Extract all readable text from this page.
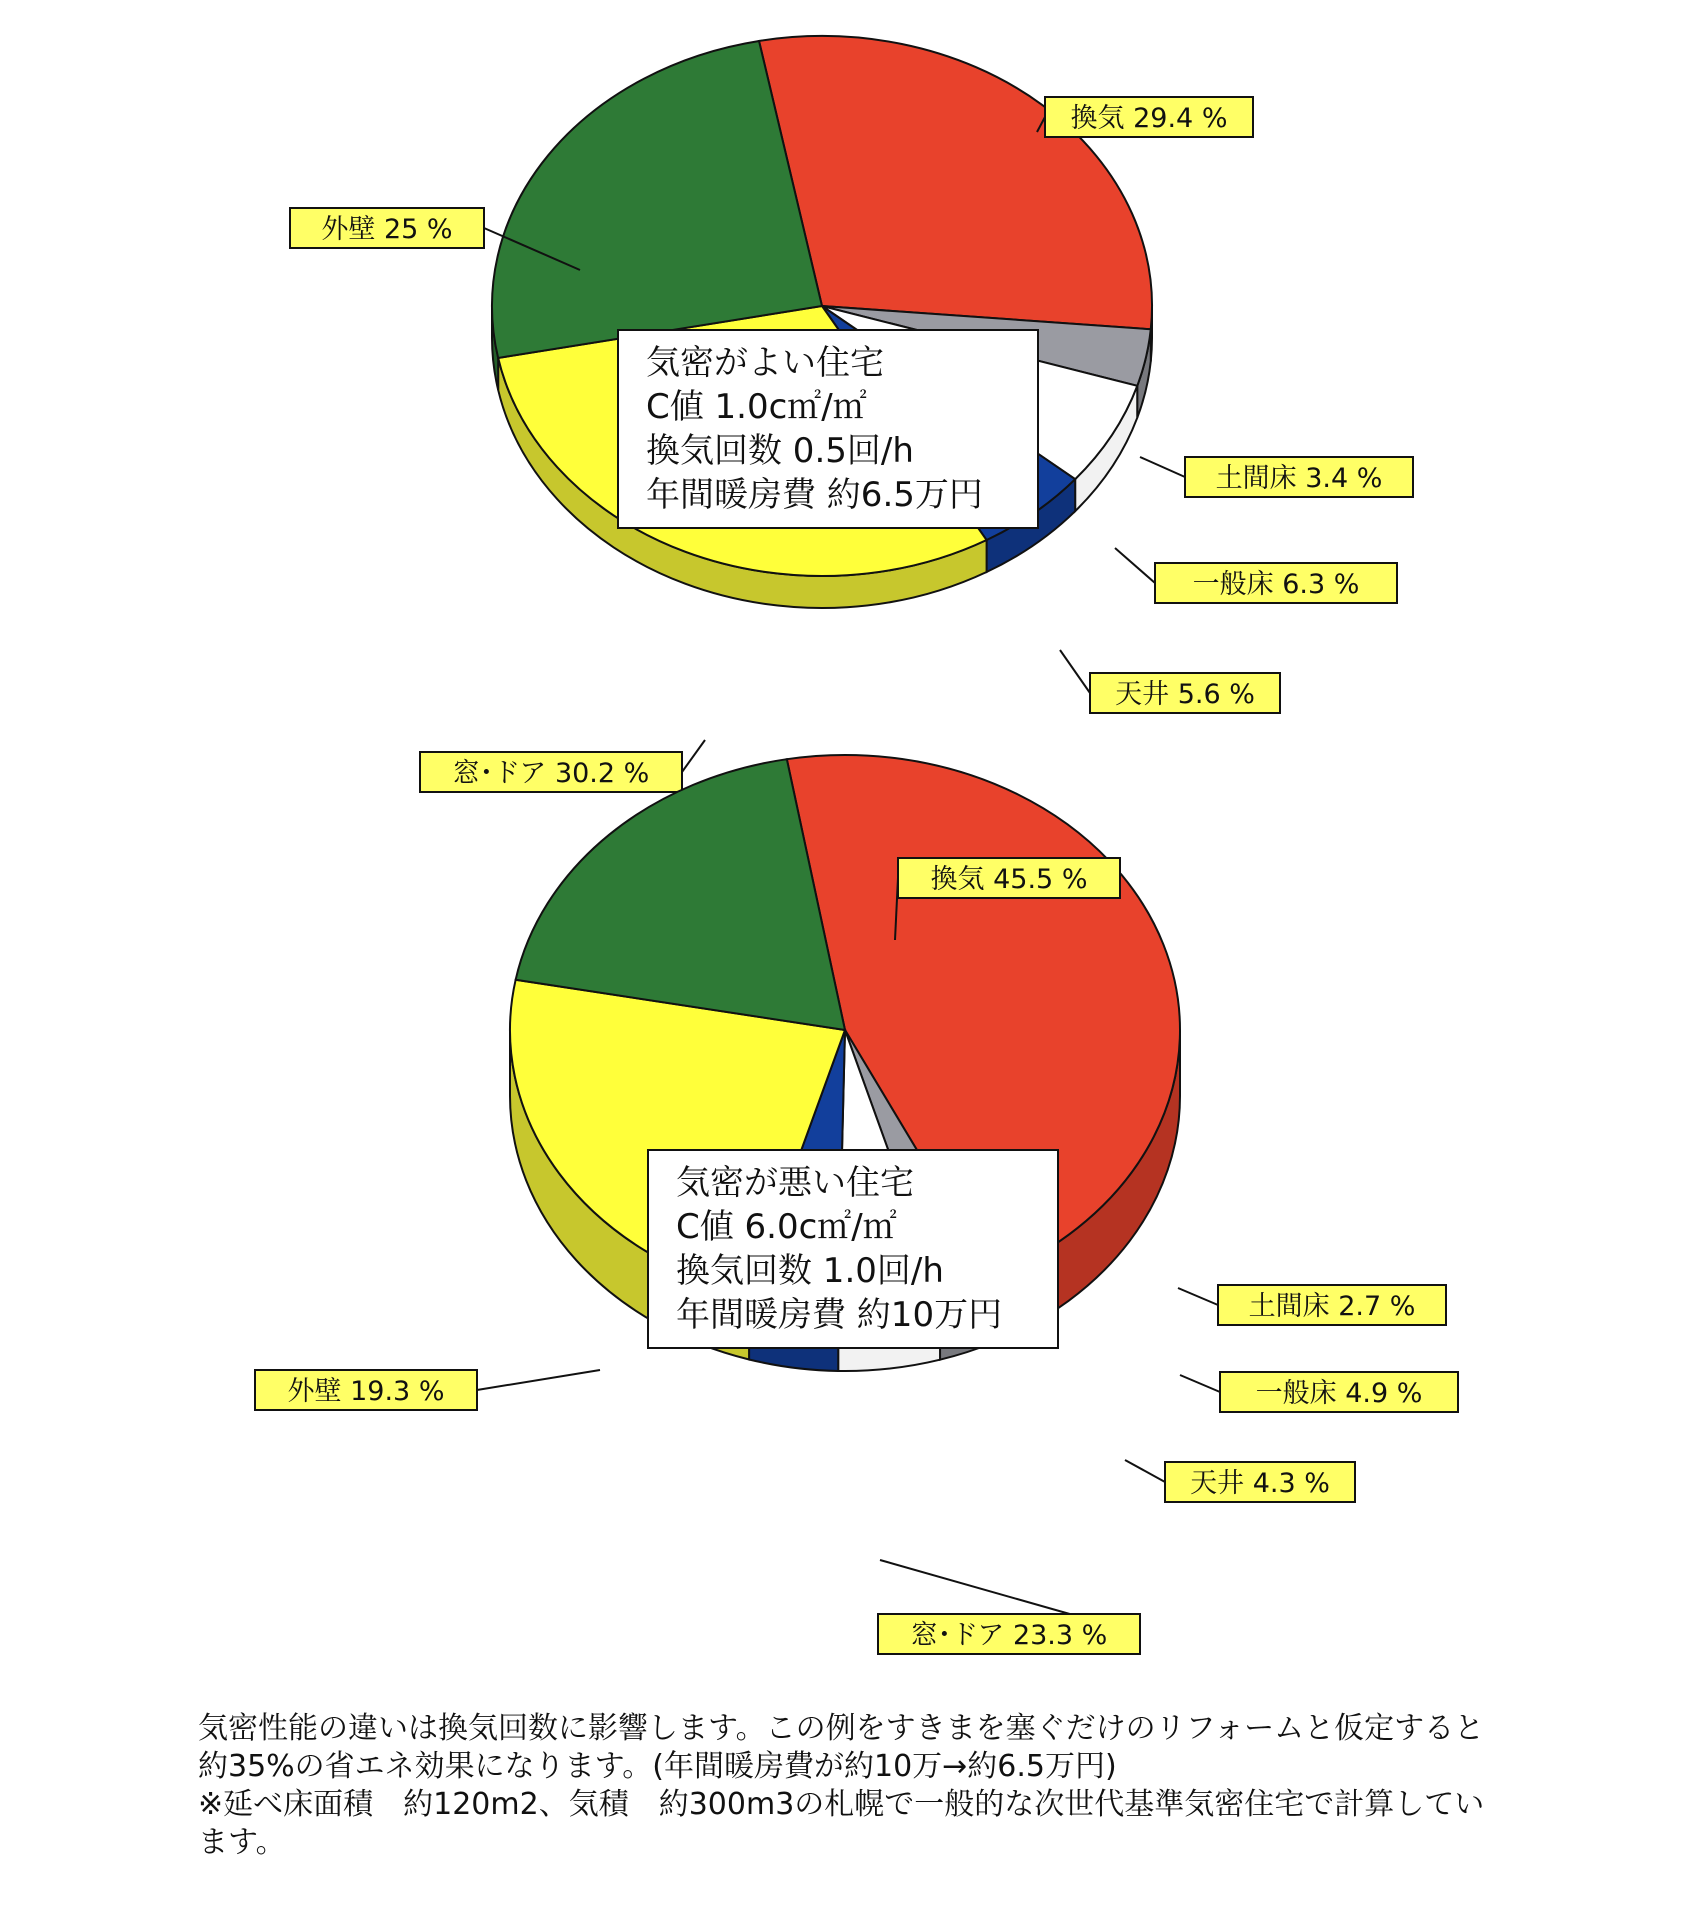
換気 29.4 %
土間床 3.4 %
一般床 6.3 %
天井 5.6 %
窓･ドア 30.2 %
外壁 25 %
気密がよい住宅
C値 1.0c㎡/㎡
換気回数 0.5回/h
年間暖房費 約6.5万円
換気 45.5 %
土間床 2.7 %
一般床 4.9 %
天井 4.3 %
窓･ドア 23.3 %
外壁 19.3 %
気密が悪い住宅
C値 6.0c㎡/㎡
換気回数 1.0回/h
年間暖房費 約10万円

気密性能の違いは換気回数に影響します。この例をすきまを塞ぐだけのリフォームと仮定すると約35%の省エネ効果になります。(年間暖房費が約10万→約6.5万円)

※延べ床面積　約120m2、気積　約300m3の札幌で一般的な次世代基準気密住宅で計算しています。
